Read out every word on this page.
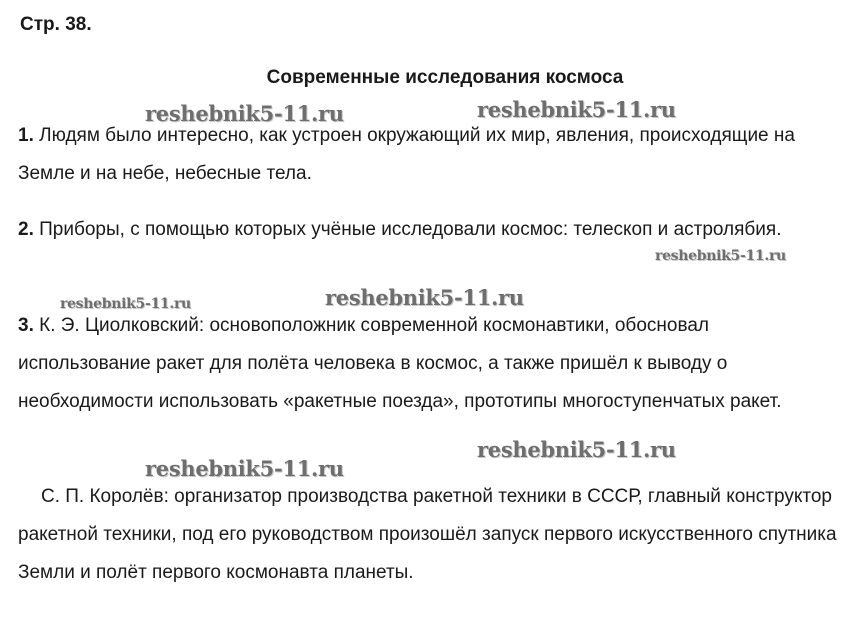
Стр. 38.
Современные исследования космоса

1. Людям было интересно, как устроен окружающий их мир, явления, происходящие на Земле и на небе, небесные тела.

2. Приборы, с помощью которых учёные исследовали космос: телескоп и астролябия.

3. К. Э. Циолковский: основоположник современной космонавтики, обосновал использование ракет для полёта человека в космос, а также пришёл к выводу о необходимости использовать «ракетные поезда», прототипы многоступенчатых ракет.

С. П. Королёв: организатор производства ракетной техники в СССР, главный конструктор ракетной техники, под его руководством произошёл запуск первого искусственного спутника Земли и полёт первого космонавта планеты.

reshebnik5-11.ru	reshebnik5-11.ru
reshebnik5-11.ru
reshebnik5-11.ru	reshebnik5-11.ru
reshebnik5-11.ru
reshebnik5-11.ru
